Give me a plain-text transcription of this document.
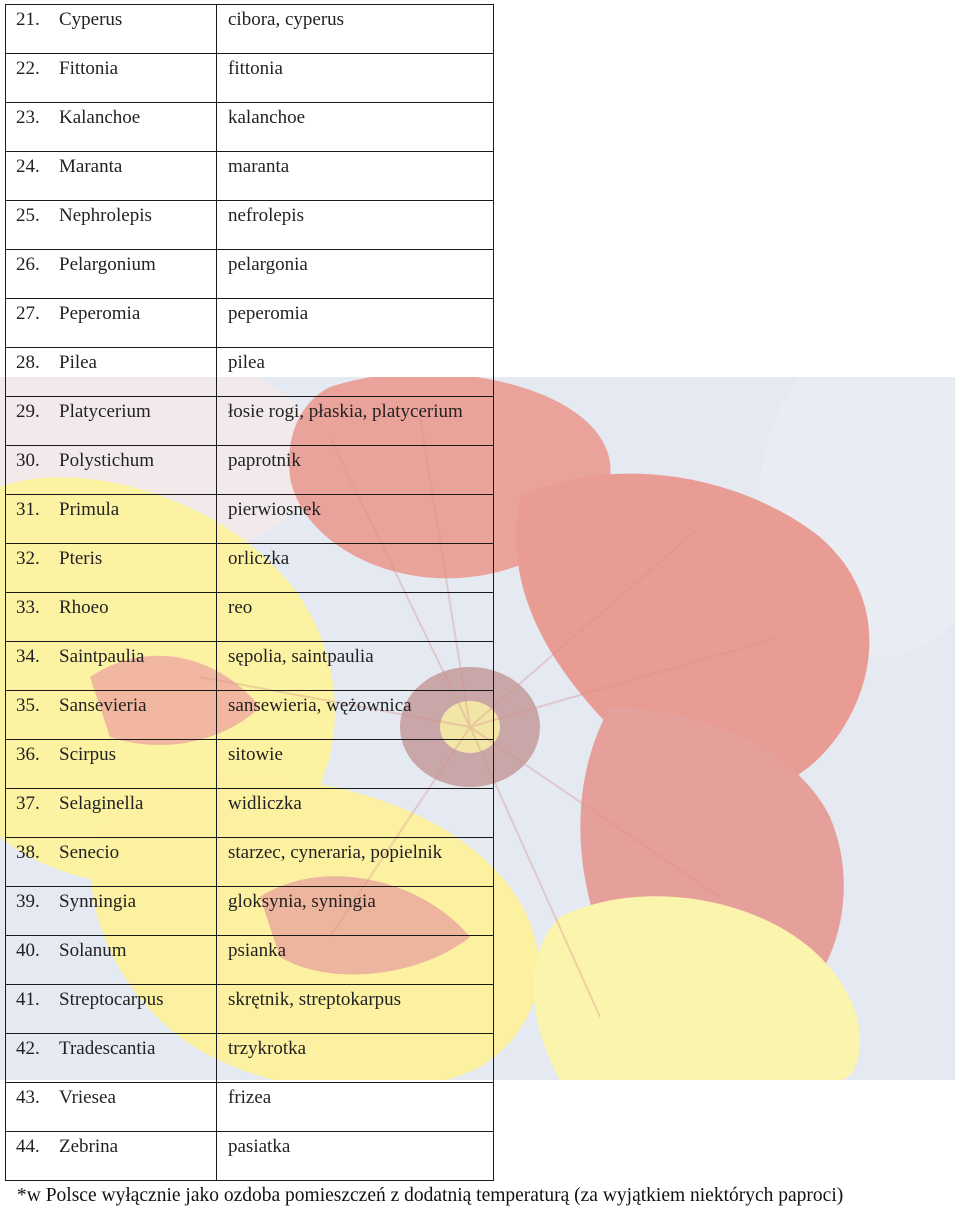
21. Cyperus	cibora, cyperus

22. Fittonia	fittonia

23. Kalanchoe	kalanchoe

24. Maranta	maranta

25. Nephrolepis	nefrolepis

26. Pelargonium	pelargonia

27. Peperomia	peperomia

28. Pilea	pilea

29. Platycerium	łosie rogi, płaskia, platycerium

30. Polystichum	paprotnik

31. Primula	pierwiosnek

32. Pteris	orliczka

33. Rhoeo	reo

34. Saintpaulia	sępolia, saintpaulia

35. Sansevieria	sansewieria, wężownica

36. Scirpus	sitowie

37. Selaginella	widliczka

38. Senecio	starzec, cyneraria, popielnik

39. Synningia	gloksynia, syningia

40. Solanum	psianka

41. Streptocarpus	skrętnik, streptokarpus

42. Tradescantia	trzykrotka

43. Vriesea	frizea

44. Zebrina	pasiatka
*w Polsce wyłącznie jako ozdoba pomieszczeń z dodatnią temperaturą (za wyjątkiem niektórych paproci)
